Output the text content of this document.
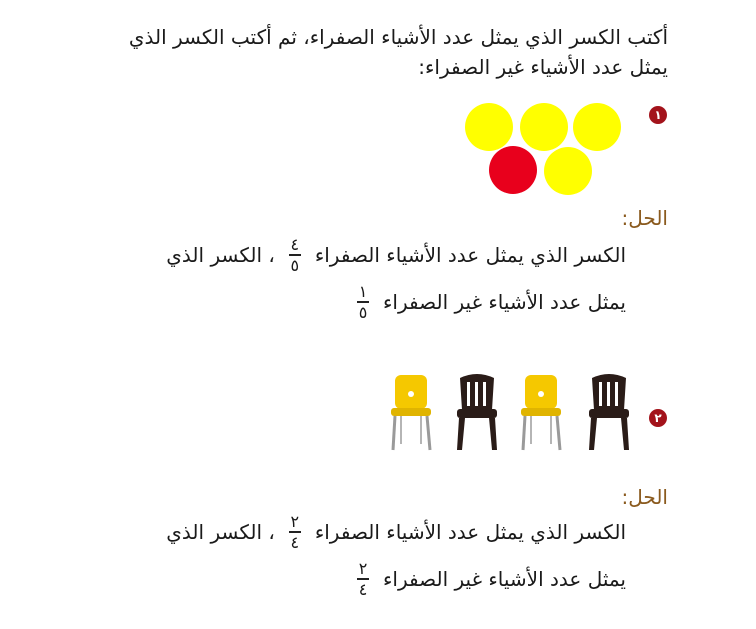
أكتب الكسر الذي يمثل عدد الأشياء الصفراء، ثم أكتب الكسر الذي يمثل عدد الأشياء غير الصفراء:
١
الحل:
الكسر الذي يمثل عدد الأشياء الصفراء
$\frac{٤}{٥}$
، الكسر الذي
يمثل عدد الأشياء غير الصفراء
$\frac{١}{٥}$
٢
الحل:
الكسر الذي يمثل عدد الأشياء الصفراء
$\frac{٢}{٤}$
، الكسر الذي
يمثل عدد الأشياء غير الصفراء
$\frac{٢}{٤}$
